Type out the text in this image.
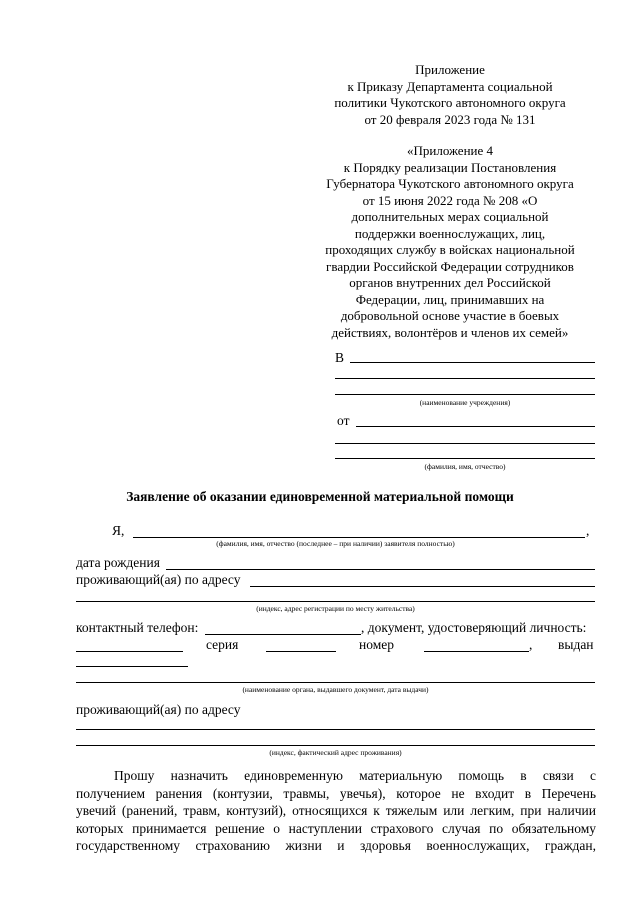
Приложение
к Приказу Департамента социальной
политики Чукотского автономного округа
от 20 февраля 2023 года № 131
«Приложение 4
к Порядку реализации Постановления
Губернатора Чукотского автономного округа
от 15 июня 2022 года № 208 «О
дополнительных мерах социальной
поддержки военнослужащих, лиц,
проходящих службу в войсках национальной
гвардии Российской Федерации сотрудников
органов внутренних дел Российской
Федерации, лиц, принимавших на
добровольной основе участие в боевых
действиях, волонтёров и членов их семей»
В
(наименование учреждения)
от
(фамилия, имя, отчество)
Заявление об оказании единовременной материальной помощи
Я,	,
(фамилия, имя, отчество (последнее – при наличии) заявителя полностью)
дата рождения
проживающий(ая) по адресу
(индекс, адрес регистрации по месту жительства)
контактный телефон:	, документ, удостоверяющий личность:
серия	номер	, выдан
(наименование органа, выдавшего документ, дата выдачи)
проживающий(ая) по адресу
(индекс, фактический адрес проживания)
Прошу назначить единовременную материальную помощь в связи с
получением ранения (контузии, травмы, увечья), которое не входит в Перечень
увечий (ранений, травм, контузий), относящихся к тяжелым или легким, при наличии
которых принимается решение о наступлении страхового случая по обязательному
государственному страхованию жизни и здоровья военнослужащих, граждан,
